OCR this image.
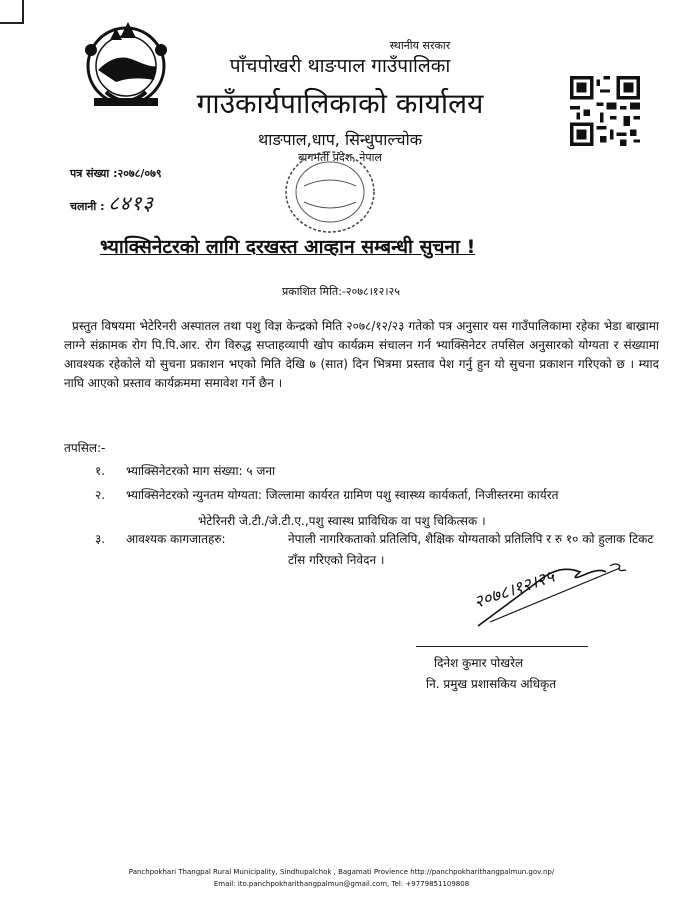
स्थानीय सरकार
पाँचपोखरी थाङपाल गाउँपालिका
गाउँकार्यपालिकाको कार्यालय
थाङपाल,धाप, सिन्धुपाल्चोक
बागमती प्रदेश, नेपाल
पत्र संख्या :२०७८/०७९
चलानी : ८४१३
भ्याक्सिनेटरको लागि दरखस्त आव्हान सम्बन्धी सुचना !
प्रकाशित मिति:-२०७८।१२।२५
प्रस्तुत विषयमा भेटेरिनरी अस्पातल तथा पशु विज्ञ केन्द्रको मिति २०७८/१२/२३ गतेको पत्र अनुसार यस गाउँपालिकामा रहेका भेडा बाख्रामा लाग्ने संक्रामक रोग पि.पि.आर. रोग विरुद्ध सप्ताहव्यापी खोप कार्यक्रम संचालन गर्न भ्याक्सिनेटर तपसिल अनुसारको योग्यता र संख्यामा आवश्यक रहेकोले यो सुचना प्रकाशन भएको मिति देखि ७ (सात) दिन भित्रमा प्रस्ताव पेश गर्नु हुन यो सुचना प्रकाशन गरिएको छ । म्याद नाघि आएको प्रस्ताव कार्यक्रममा समावेश गर्ने छैन ।
तपसिल:-
१. भ्याक्सिनेटरको माग संख्या: ५ जना
२. भ्याक्सिनेटरको न्युनतम योग्यता: जिल्लामा कार्यरत ग्रामिण पशु स्वास्थ्य कार्यकर्ता, निजीस्तरमा कार्यरत
भेटेरिनरी जे.टी./जे.टी.ए.,पशु स्वास्थ प्राविधिक वा पशु चिकित्सक ।
३. आवश्यक कागजातहरु:	नेपाली नागरिकताको प्रतिलिपि, शैक्षिक योग्यताको प्रतिलिपि र रु १० को हुलाक टिकट टाँस गरिएको निवेदन ।
२०७८।१२।२५
दिनेश कुमार पोखरेल
नि. प्रमुख प्रशासकिय अधिकृत
Panchpokhari Thangpal Rural Municipality, Sindhupalchok , Bagamati Provience http://panchpokharithangpalmun.gov.np/
Email: ito.panchpokharithangpalmun@gmail.com, Tel: +9779851109808
